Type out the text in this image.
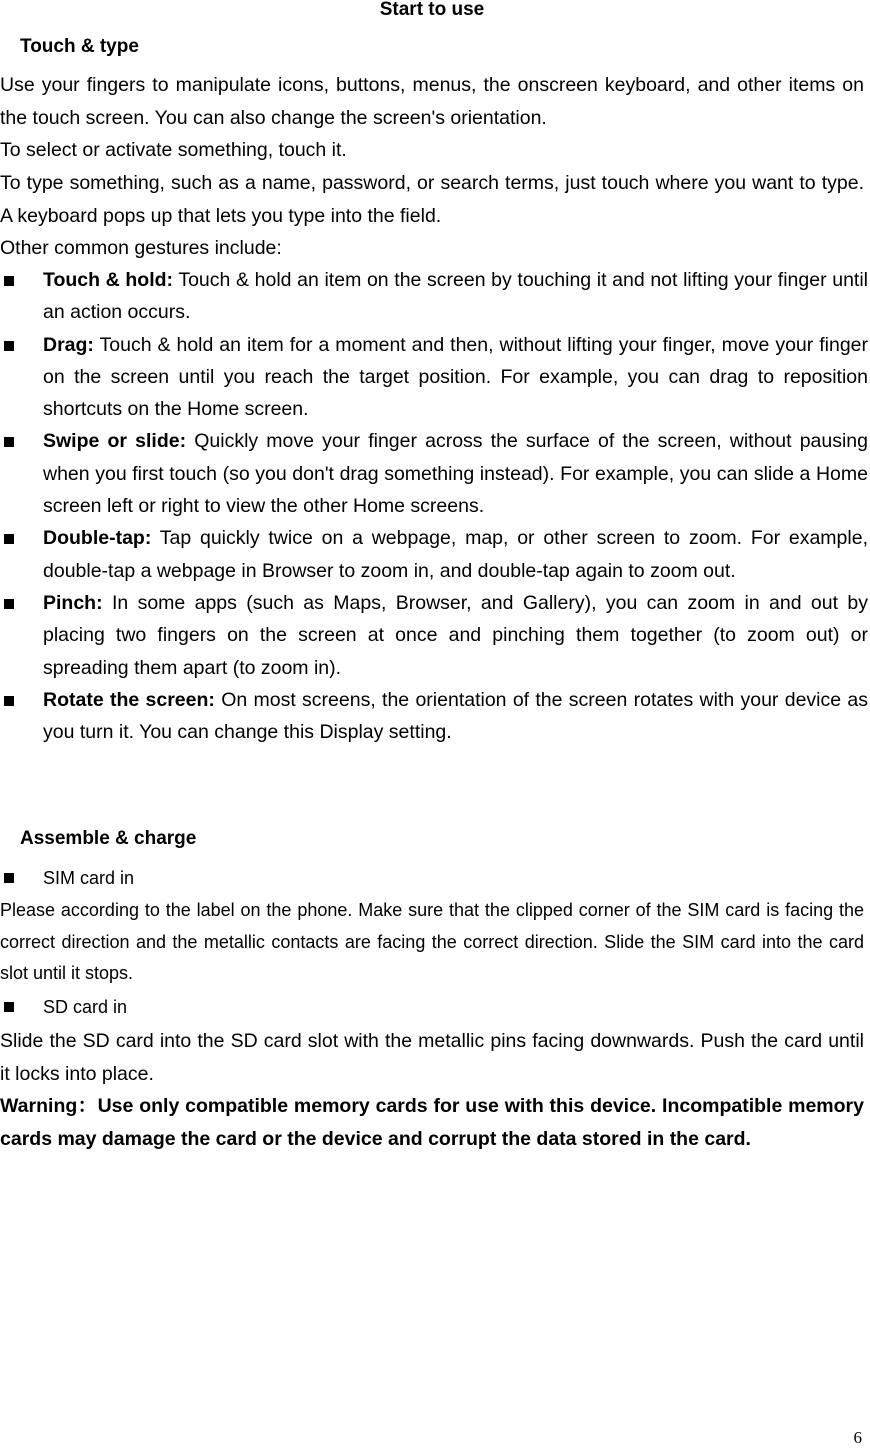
Start to use
Touch & type

Use your fingers to manipulate icons, buttons, menus, the onscreen keyboard, and other items on the touch screen. You can also change the screen's orientation.

To select or activate something, touch it.

To type something, such as a name, password, or search terms, just touch where you want to type. A keyboard pops up that lets you type into the field.

Other common gestures include:

Touch & hold: Touch & hold an item on the screen by touching it and not lifting your finger until an action occurs.
Drag: Touch & hold an item for a moment and then, without lifting your finger, move your finger on the screen until you reach the target position. For example, you can drag to reposition shortcuts on the Home screen.
Swipe or slide: Quickly move your finger across the surface of the screen, without pausing when you first touch (so you don't drag something instead). For example, you can slide a Home screen left or right to view the other Home screens.
Double-tap: Tap quickly twice on a webpage, map, or other screen to zoom. For example, double-tap a webpage in Browser to zoom in, and double-tap again to zoom out.
Pinch: In some apps (such as Maps, Browser, and Gallery), you can zoom in and out by placing two fingers on the screen at once and pinching them together (to zoom out) or spreading them apart (to zoom in).
Rotate the screen: On most screens, the orientation of the screen rotates with your device as you turn it. You can change this Display setting.
Assemble & charge
SIM card in

Please according to the label on the phone. Make sure that the clipped corner of the SIM card is facing the correct direction and the metallic contacts are facing the correct direction. Slide the SIM card into the card slot until it stops.

SD card in

Slide the SD card into the SD card slot with the metallic pins facing downwards. Push the card until it locks into place.

Warning：Use only compatible memory cards for use with this device. Incompatible memory cards may damage the card or the device and corrupt the data stored in the card.

6
